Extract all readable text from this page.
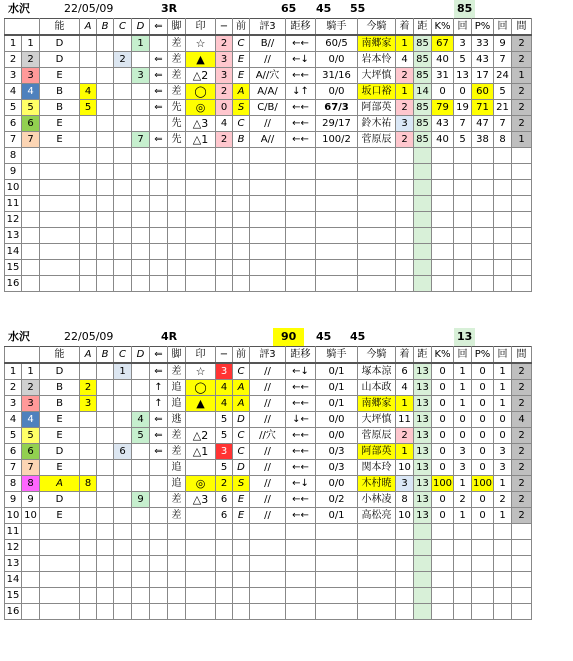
水沢	22/05/09	3R	65 45 55	85
		能	A	B	C	D	⇐	脚	印	−	前	評3	距移	騎手	今騎	着	距	K%	回	P%	回	間
1	1	D				1		差	☆	2	C	B//	←←	60/5	南郷家	1	85	67	3	33	9	2
2	2	D			2		⇐	差	▲	3	E	//	←↓	0/0	岩本怜	4	85	40	5	43	7	2
3	3	E				3	⇐	差	△2	3	E	A//穴	←←	31/16	大坪慎	2	85	31	13	17	24	1
4	4	B	4				⇐	差	◯	2	A	A/A/	↓↑	0/0	坂口裕	1	14	0	0	60	5	2
5	5	B	5				⇐	先	◎	0	S	C/B/	←←	67/3	阿部英	2	85	79	19	71	21	2
6	6	E						先	△3	4	C	//	←←	29/17	鈴木祐	3	85	43	7	47	7	2
7	7	E				7	⇐	先	△1	2	B	A//	←←	100/2	菅原辰	2	85	40	5	38	8	1
8																						
9																						
10																						
11																						
12																						
13																						
14																						
15																						
16																						
水沢	22/05/09	4R	90	45 45	13
		能	A	B	C	D	⇐	脚	印	−	前	評3	距移	騎手	今騎	着	距	K%	回	P%	回	間
1	1	D			1		⇐	差	☆	3	C	//	←↓	0/1	塚本涼	6	13	0	1	0	1	2
2	2	B	2				↑	追	◯	4	A	//	←←	0/1	山本政	4	13	0	1	0	1	2
3	3	B	3				↑	追	▲	4	A	//	←←	0/1	南郷家	1	13	0	1	0	1	2
4	4	E				4	⇐	逃		5	D	//	↓←	0/0	大坪慎	11	13	0	0	0	0	4
5	5	E				5	⇐	差	△2	5	C	//穴	←←	0/0	菅原辰	2	13	0	0	0	0	2
6	6	D			6		⇐	差	△1	3	C	//	←←	0/3	阿部英	1	13	0	3	0	3	2
7	7	E						追		5	D	//	←←	0/3	関本玲	10	13	0	3	0	3	2
8	8	A	8					追	◎	2	S	//	←↓	0/0	木村暁	3	13	100	1	100	1	2
9	9	D				9		差	△3	6	E	//	←←	0/2	小林凌	8	13	0	2	0	2	2
10	10	E						差		6	E	//	←←	0/1	高松亮	10	13	0	1	0	1	2
11																						
12																						
13																						
14																						
15																						
16																						
